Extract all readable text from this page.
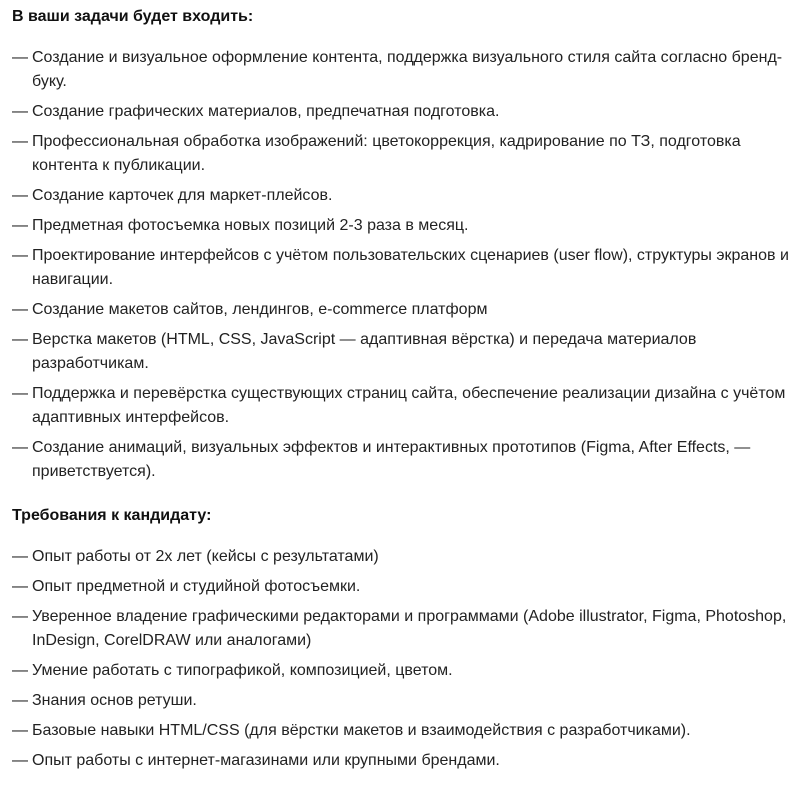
В ваши задачи будет входить:
— Создание и визуальное оформление контента, поддержка визуального стиля сайта согласно бренд-буку.
— Создание графических материалов, предпечатная подготовка.
— Профессиональная обработка изображений: цветокоррекция, кадрирование по ТЗ, подготовка контента к публикации.
— Создание карточек для маркет-плейсов.
— Предметная фотосъемка новых позиций 2-3 раза в месяц.
— Проектирование интерфейсов с учётом пользовательских сценариев (user flow), структуры экранов и навигации.
— Создание макетов сайтов, лендингов, e-commerce платформ
— Верстка макетов (HTML, CSS, JavaScript — адаптивная вёрстка) и передача материалов разработчикам.
— Поддержка и перевёрстка существующих страниц сайта, обеспечение реализации дизайна с учётом адаптивных интерфейсов.
— Создание анимаций, визуальных эффектов и интерактивных прототипов (Figma, After Effects, — приветствуется).
Требования к кандидату:
— Опыт работы от 2х лет (кейсы с результатами)
— Опыт предметной и студийной фотосъемки.
— Уверенное владение графическими редакторами и программами (Adobe illustrator, Figma, Photoshop, InDesign, CorelDRAW или аналогами)
— Умение работать с типографикой, композицией, цветом.
— Знания основ ретуши.
— Базовые навыки HTML/CSS (для вёрстки макетов и взаимодействия с разработчиками).
— Опыт работы с интернет-магазинами или крупными брендами.
